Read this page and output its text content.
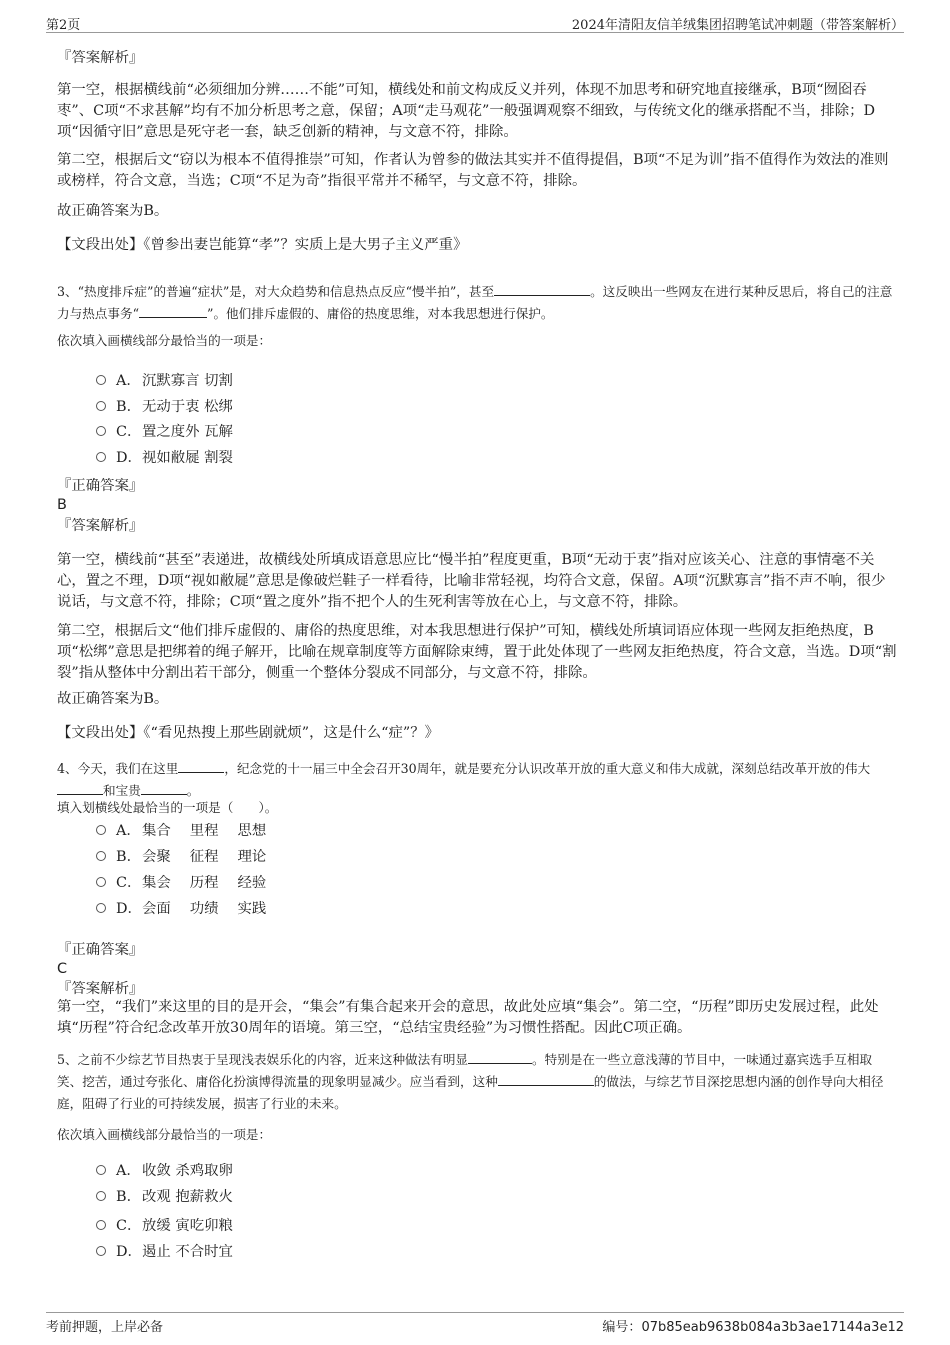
第2页	2024年清阳友信羊绒集团招聘笔试冲刺题（带答案解析）
『答案解析』
第一空，根据横线前“必须细加分辨……不能”可知，横线处和前文构成反义并列，体现不加思考和研究地直接继承，B项“囫囵吞枣”、C项“不求甚解”均有不加分析思考之意，保留；A项“走马观花”一般强调观察不细致，与传统文化的继承搭配不当，排除；D项“因循守旧”意思是死守老一套，缺乏创新的精神，与文意不符，排除。
第二空，根据后文“窃以为根本不值得推崇”可知，作者认为曾参的做法其实并不值得提倡，B项“不足为训”指不值得作为效法的准则或榜样，符合文意，当选；C项“不足为奇”指很平常并不稀罕，与文意不符，排除。
故正确答案为B。
【文段出处】《曾参出妻岂能算“孝”？实质上是大男子主义严重》
3、“热度排斥症”的普遍“症状”是，对大众趋势和信息热点反应“慢半拍”，甚至	。这反映出一些网友在进行某种反思后，将自己的注意力与热点事务“	”。他们排斥虚假的、庸俗的热度思维，对本我思想进行保护。
依次填入画横线部分最恰当的一项是：
A．沉默寡言 切割
B．无动于衷 松绑
C．置之度外 瓦解
D．视如敝屣 割裂
『正确答案』
B
『答案解析』
第一空，横线前“甚至”表递进，故横线处所填成语意思应比“慢半拍”程度更重，B项“无动于衷”指对应该关心、注意的事情毫不关心，置之不理，D项“视如敝屣”意思是像破烂鞋子一样看待，比喻非常轻视，均符合文意，保留。A项“沉默寡言”指不声不响，很少说话，与文意不符，排除；C项“置之度外”指不把个人的生死利害等放在心上，与文意不符，排除。
第二空，根据后文“他们排斥虚假的、庸俗的热度思维，对本我思想进行保护”可知，横线处所填词语应体现一些网友拒绝热度，B项“松绑”意思是把绑着的绳子解开，比喻在规章制度等方面解除束缚，置于此处体现了一些网友拒绝热度，符合文意，当选。D项“割裂”指从整体中分割出若干部分，侧重一个整体分裂成不同部分，与文意不符，排除。
故正确答案为B。
【文段出处】《“看见热搜上那些剧就烦”，这是什么“症”？》
4、今天，我们在这里	，纪念党的十一届三中全会召开30周年，就是要充分认识改革开放的重大意义和伟大成就，深刻总结改革开放的伟大和宝贵	。
填入划横线处最恰当的一项是（　　）。
A．集合　 里程　 思想
B．会聚　 征程　 理论
C．集会　 历程　 经验
D．会面　 功绩　 实践
『正确答案』
C
『答案解析』
第一空，“我们”来这里的目的是开会，“集会”有集合起来开会的意思，故此处应填“集会”。第二空，“历程”即历史发展过程，此处填“历程”符合纪念改革开放30周年的语境。第三空，“总结宝贵经验”为习惯性搭配。因此C项正确。
5、之前不少综艺节目热衷于呈现浅表娱乐化的内容，近来这种做法有明显	。特别是在一些立意浅薄的节目中，一味通过嘉宾选手互相取笑、挖苦，通过夸张化、庸俗化扮演博得流量的现象明显减少。应当看到，这种	的做法，与综艺节目深挖思想内涵的创作导向大相径庭，阻碍了行业的可持续发展，损害了行业的未来。
依次填入画横线部分最恰当的一项是：
A．收敛 杀鸡取卵
B．改观 抱薪救火
C．放缓 寅吃卯粮
D．遏止 不合时宜
考前押题，上岸必备	编号：07b85eab9638b084a3b3ae17144a3e12
